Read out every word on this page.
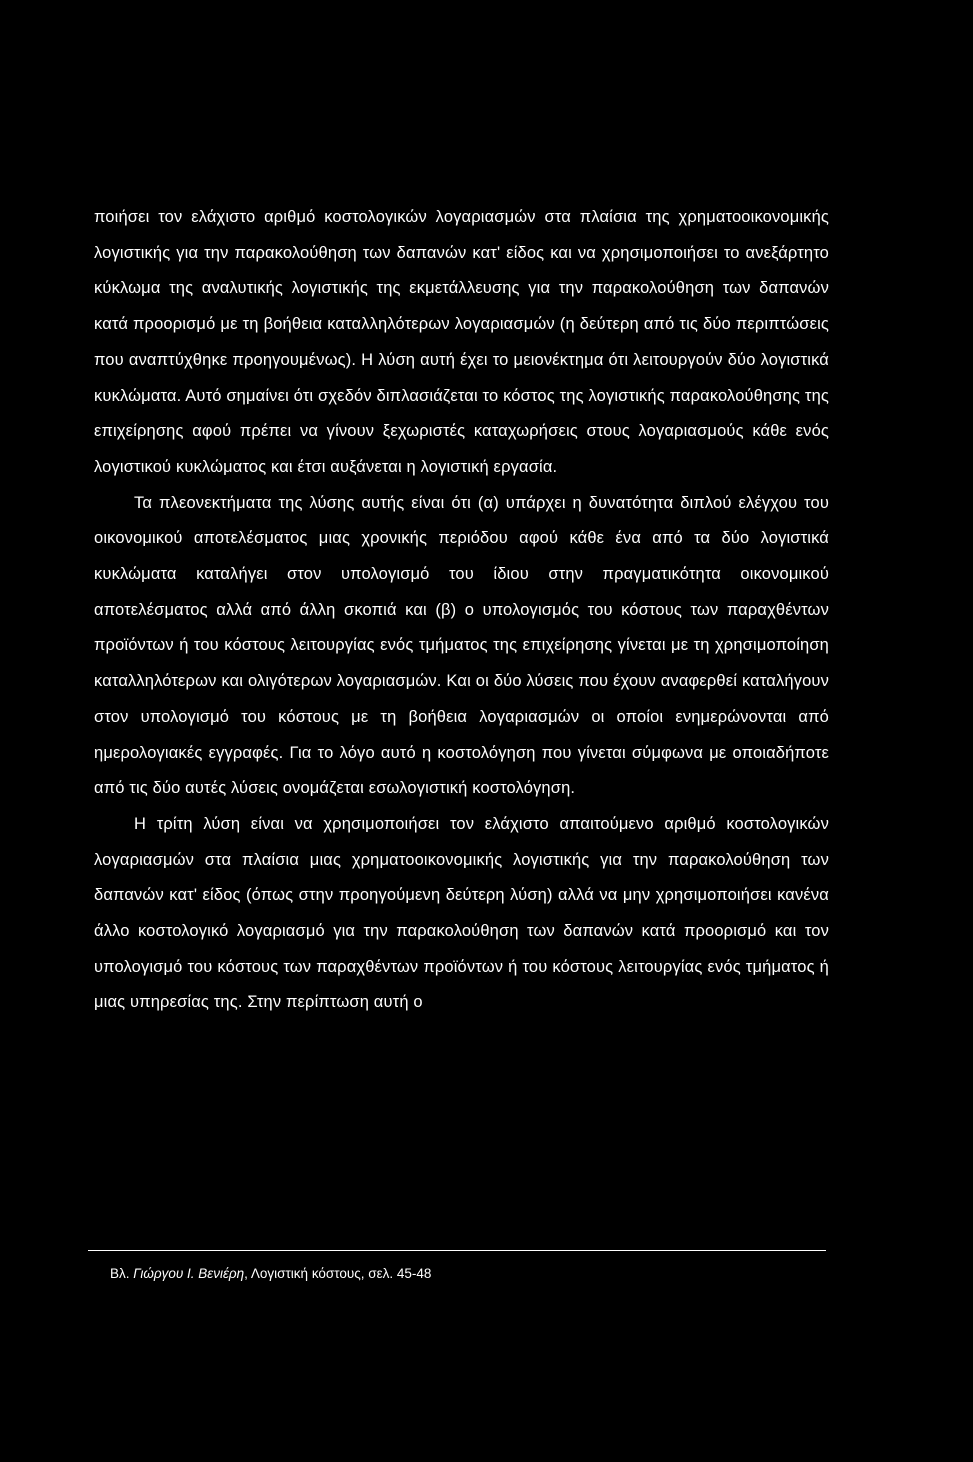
ποιήσει τον ελάχιστο αριθμό κοστολογικών λογαριασμών στα πλαίσια της χρηματοοικονομικής λογιστικής για την παρακολούθηση των δαπανών κατ' είδος και να χρησιμοποιήσει το ανεξάρτητο κύκλωμα της αναλυτικής λογιστικής της εκμετάλλευσης για την παρακολούθηση των δαπανών κατά προορισμό με τη βοήθεια καταλληλότερων λογαριασμών (η δεύτερη από τις δύο περιπτώσεις που αναπτύχθηκε προηγουμένως). Η λύση αυτή έχει το μειονέκτημα ότι λειτουργούν δύο λογιστικά κυκλώματα. Αυτό σημαίνει ότι σχεδόν διπλασιάζεται το κόστος της λογιστικής παρακολούθησης της επιχείρησης αφού πρέπει να γίνουν ξεχωριστές καταχωρήσεις στους λογαριασμούς κάθε ενός λογιστικού κυκλώματος και έτσι αυξάνεται η λογιστική εργασία.

Τα πλεονεκτήματα της λύσης αυτής είναι ότι (α) υπάρχει η δυνατότητα διπλού ελέγχου του οικονομικού αποτελέσματος μιας χρονικής περιόδου αφού κάθε ένα από τα δύο λογιστικά κυκλώματα καταλήγει στον υπολογισμό του ίδιου στην πραγματικότητα οικονομικού αποτελέσματος αλλά από άλλη σκοπιά και (β) ο υπολογισμός του κόστους των παραχθέντων προϊόντων ή του κόστους λειτουργίας ενός τμήματος της επιχείρησης γίνεται με τη χρησιμοποίηση καταλληλότερων και ολιγότερων λογαριασμών. Και οι δύο λύσεις που έχουν αναφερθεί καταλήγουν στον υπολογισμό του κόστους με τη βοήθεια λογαριασμών οι οποίοι ενημερώνονται από ημερολογιακές εγγραφές. Για το λόγο αυτό η κοστολόγηση που γίνεται σύμφωνα με οποιαδήποτε από τις δύο αυτές λύσεις ονομάζεται εσωλογιστική κοστολόγηση.

Η τρίτη λύση είναι να χρησιμοποιήσει τον ελάχιστο απαιτούμενο αριθμό κοστολογικών λογαριασμών στα πλαίσια μιας χρηματοοικονομικής λογιστικής για την παρακολούθηση των δαπανών κατ' είδος (όπως στην προηγούμενη δεύτερη λύση) αλλά να μην χρησιμοποιήσει κανένα άλλο κοστολογικό λογαριασμό για την παρακολούθηση των δαπανών κατά προορισμό και τον υπολογισμό του κόστους των παραχθέντων προϊόντων ή του κόστους λειτουργίας ενός τμήματος ή μιας υπηρεσίας της. Στην περίπτωση αυτή ο

Βλ. Γιώργου Ι. Βενιέρη, Λογιστική κόστους, σελ. 45-48
